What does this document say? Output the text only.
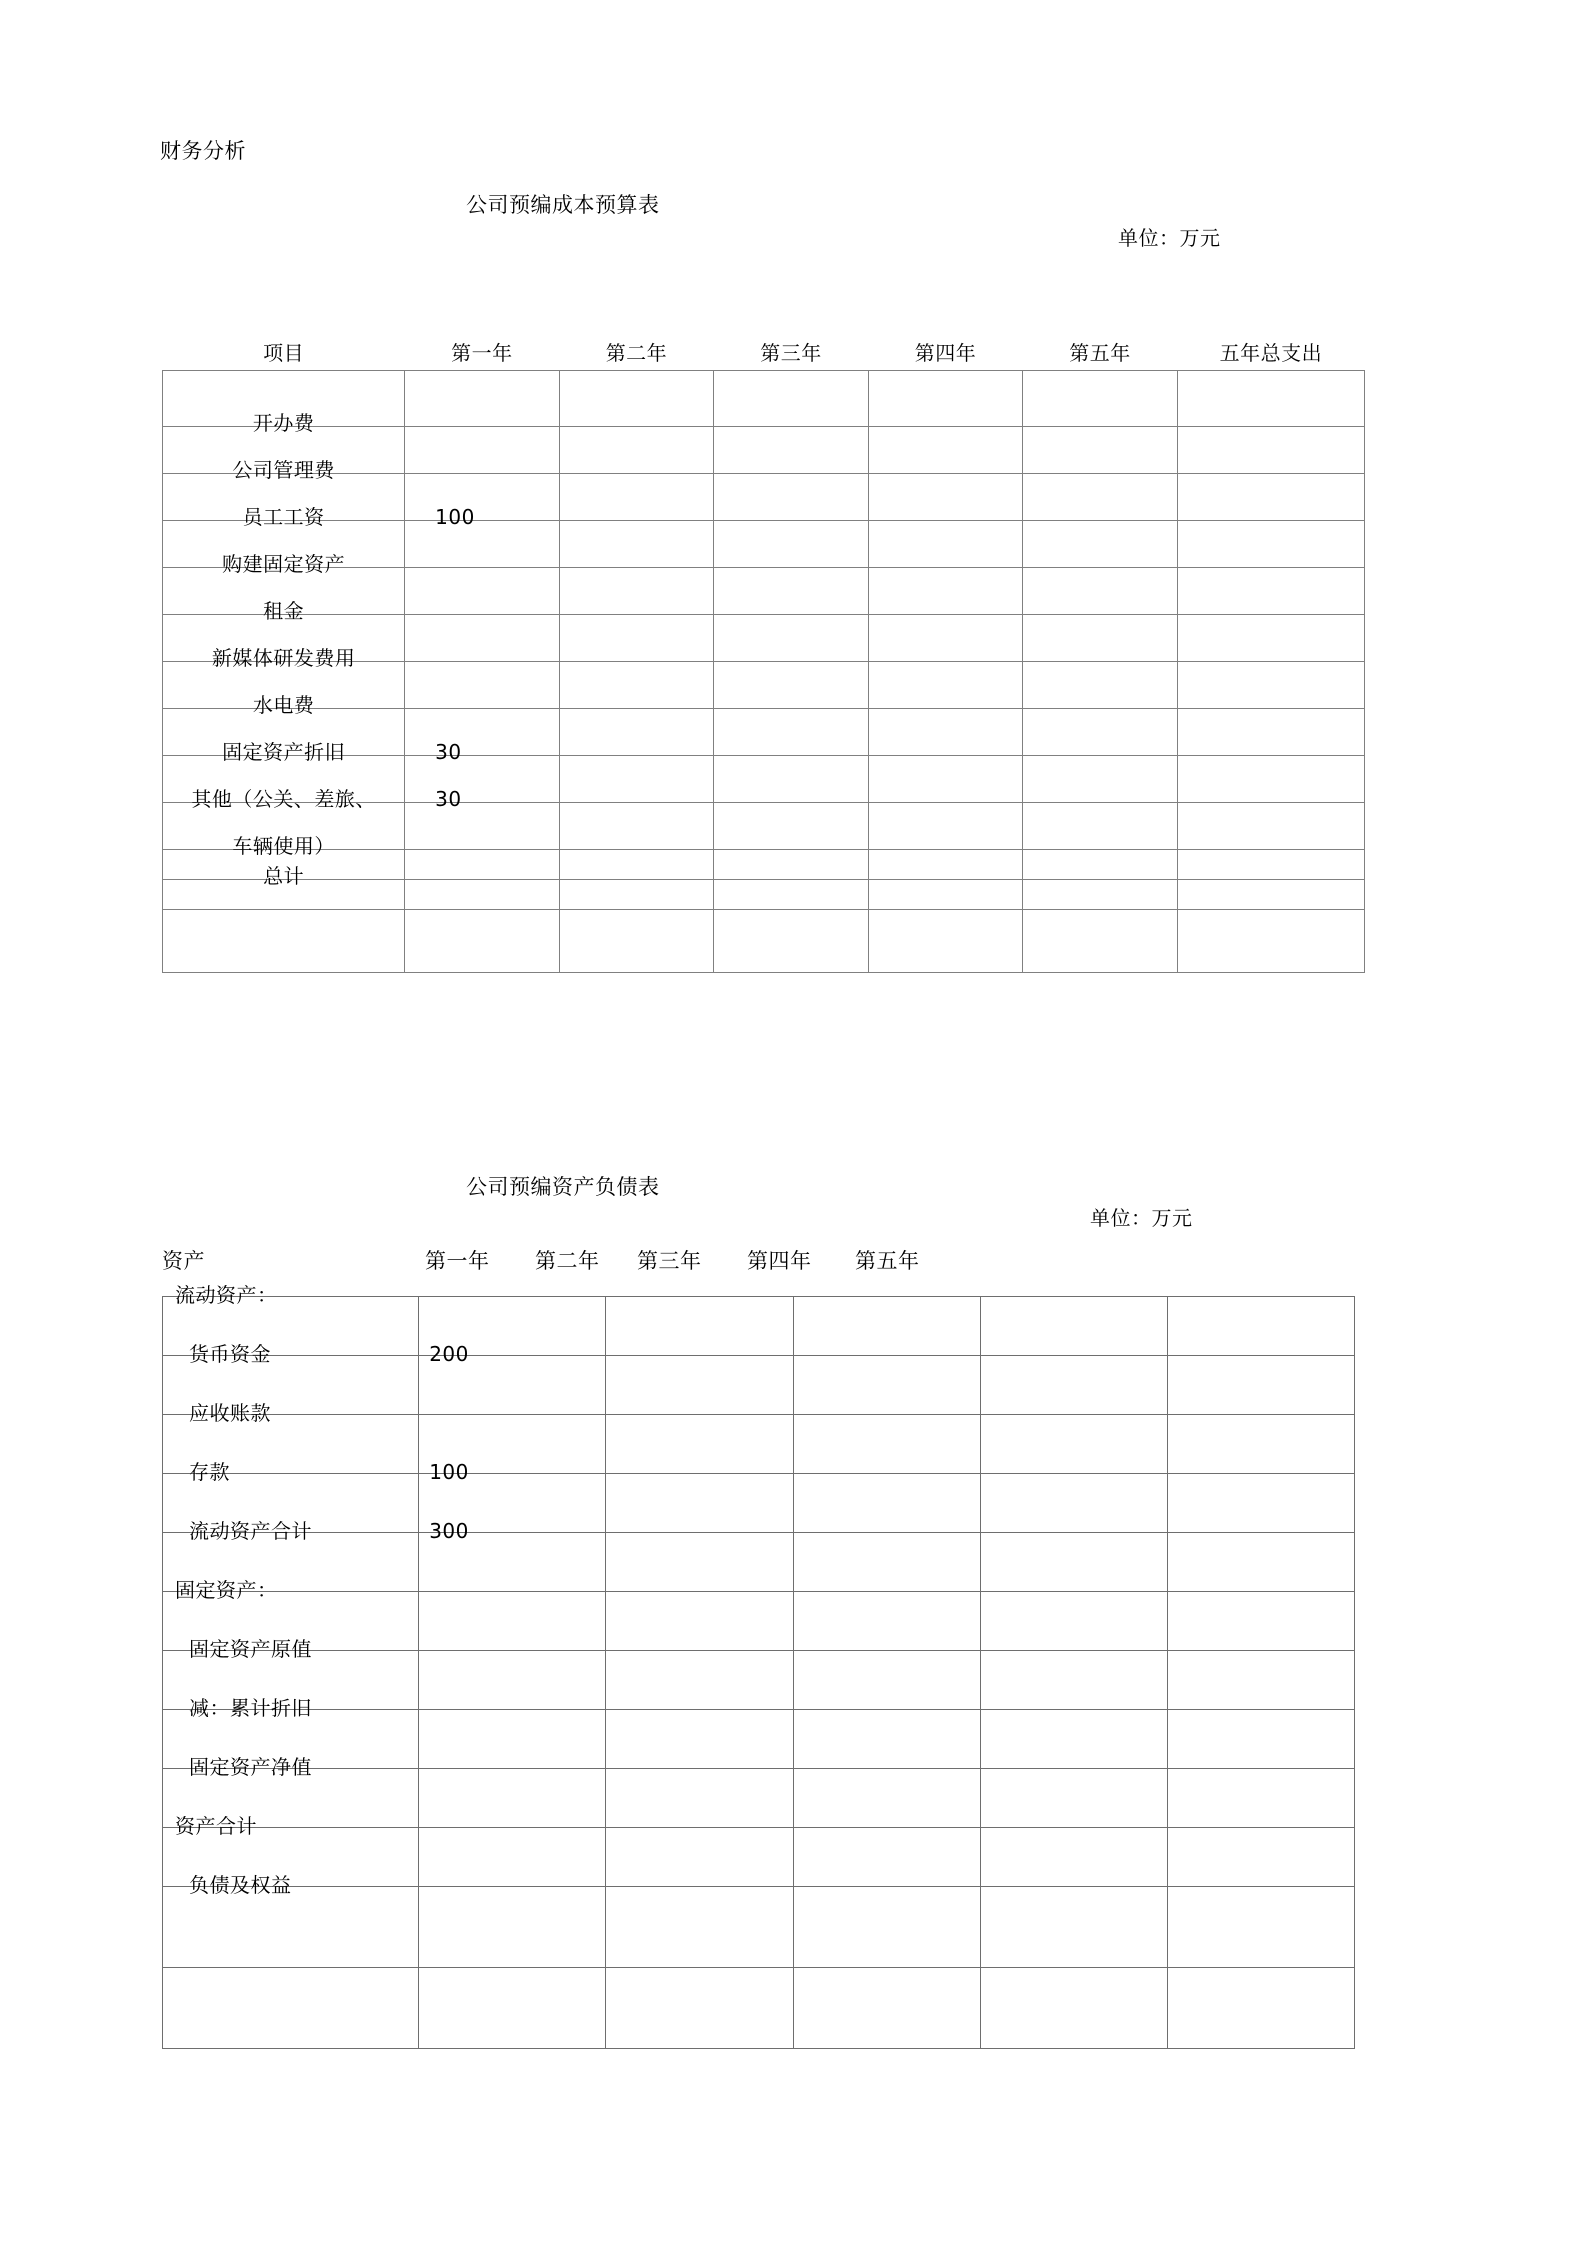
财务分析
公司预编成本预算表
单位：万元
项目	第一年	第二年	第三年	第四年	第五年	五年总支出

开办费						

公司管理费						

员工工资	100					

购建固定资产						

租金						

新媒体研发费用						

水电费						

固定资产折旧	30					

其他（公关、差旅、	30					

车辆使用）						

总计						

公司预编资产负债表
单位：万元
资产	第一年 第二年 第三年 第四年 第五年
流动资产：					

货币资金	200				

应收账款					

存款	100				

流动资产合计	300				

固定资产：					

固定资产原值					

减：累计折旧					

固定资产净值					

资产合计					

负债及权益					
